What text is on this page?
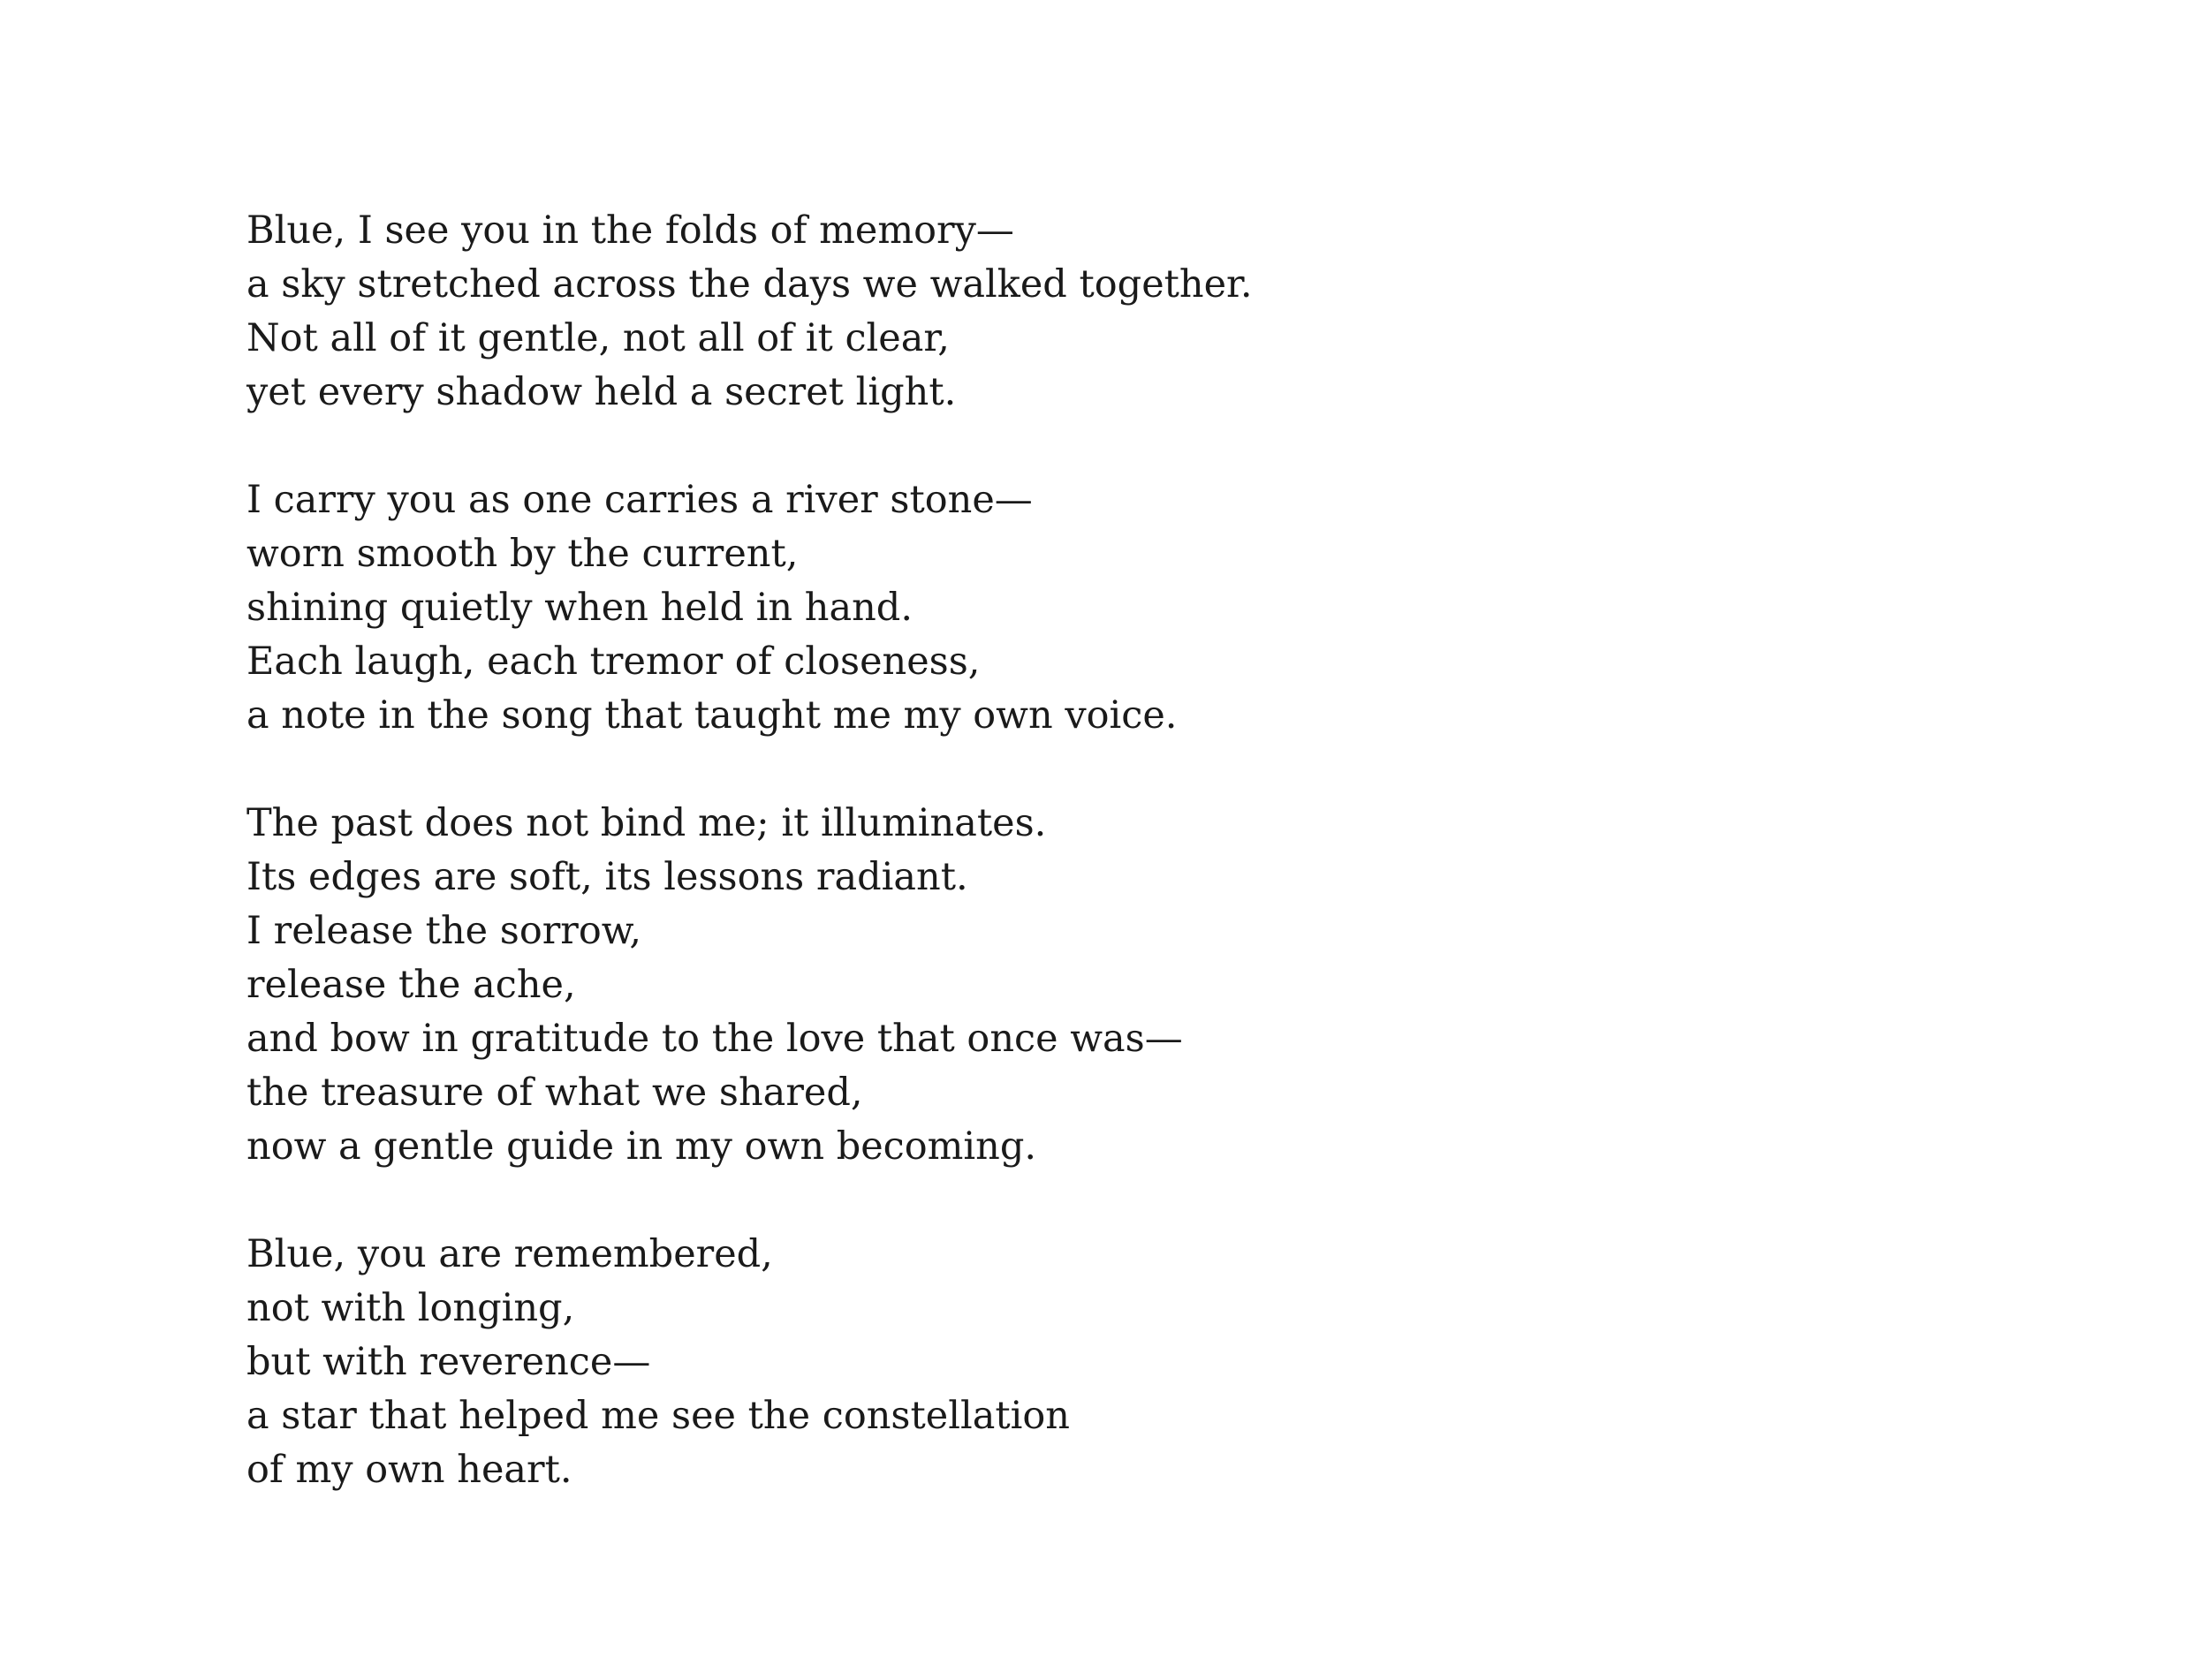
Blue, I see you in the folds of memory—
a sky stretched across the days we walked together.
Not all of it gentle, not all of it clear,
yet every shadow held a secret light.
I carry you as one carries a river stone—
worn smooth by the current,
shining quietly when held in hand.
Each laugh, each tremor of closeness,
a note in the song that taught me my own voice.
The past does not bind me; it illuminates.
Its edges are soft, its lessons radiant.
I release the sorrow,
release the ache,
and bow in gratitude to the love that once was—
the treasure of what we shared,
now a gentle guide in my own becoming.
Blue, you are remembered,
not with longing,
but with reverence—
a star that helped me see the constellation
of my own heart.
